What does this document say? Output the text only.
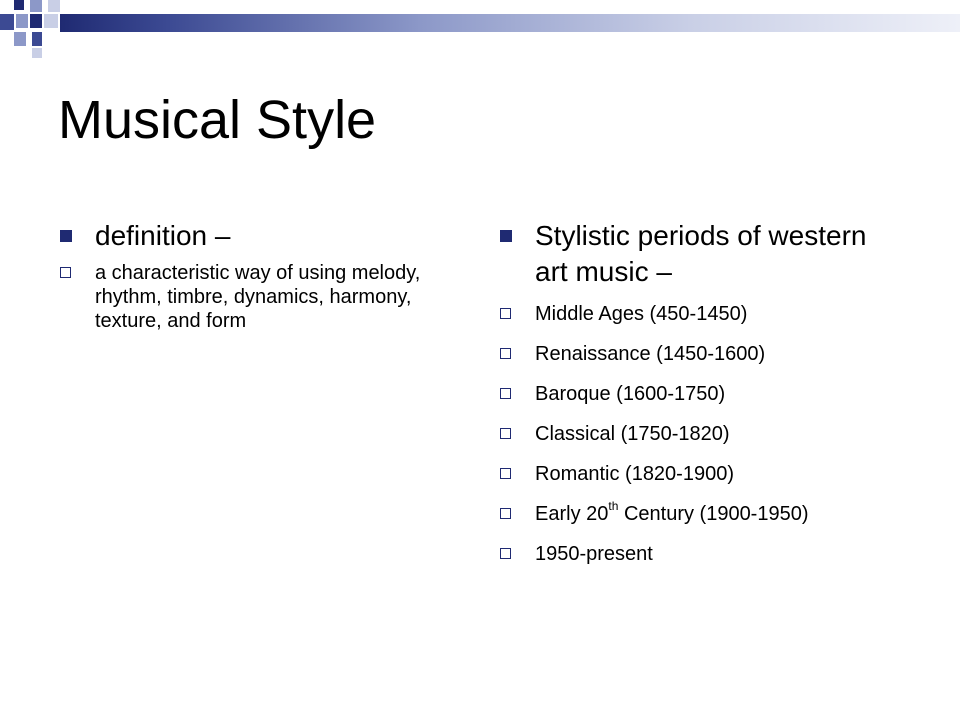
Musical Style
definition –
a characteristic way of using melody, rhythm, timbre, dynamics, harmony, texture, and form
Stylistic periods of western art music –
Middle Ages (450-1450)
Renaissance (1450-1600)
Baroque (1600-1750)
Classical (1750-1820)
Romantic (1820-1900)
Early 20th Century (1900-1950)
1950-present
